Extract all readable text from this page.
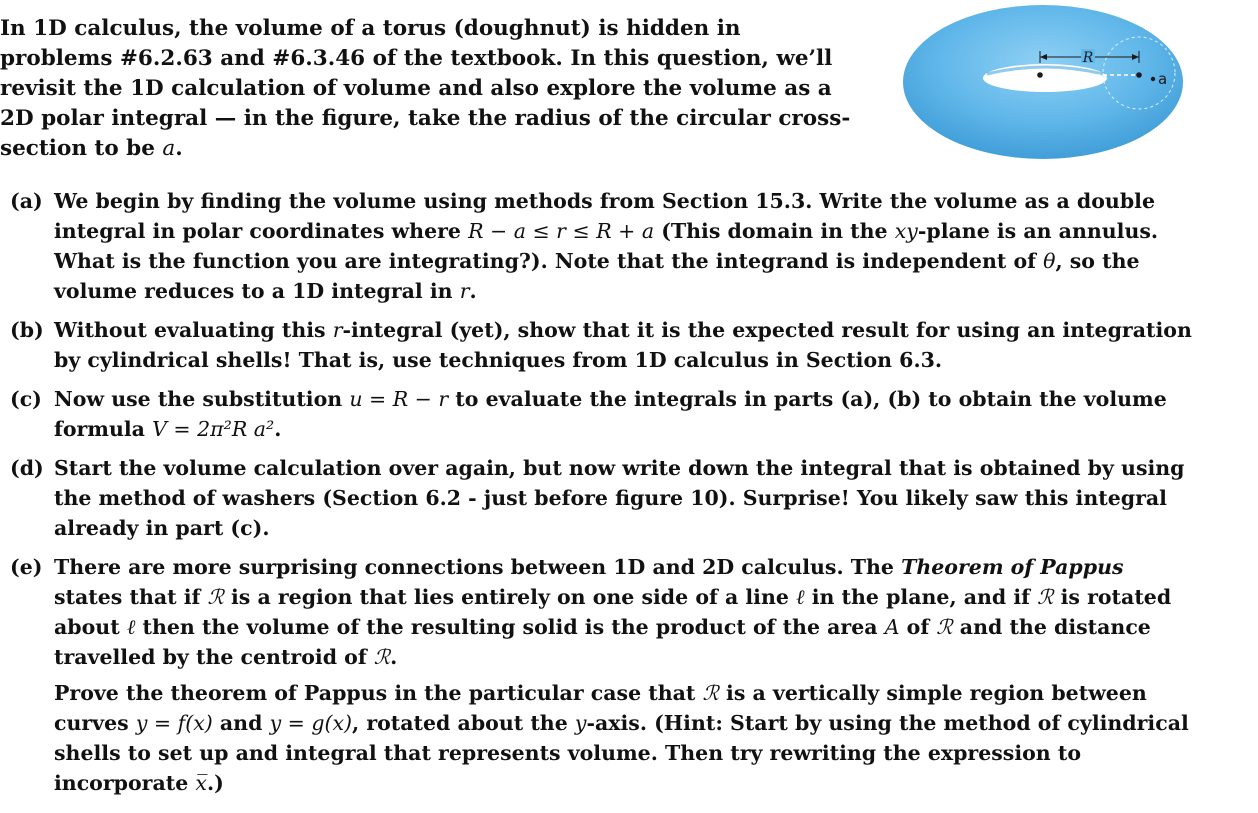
In 1D calculus, the volume of a torus (doughnut) is hidden in problems #6.2.63 and #6.3.46 of the textbook. In this question, we’ll revisit the 1D calculation of volume and also explore the volume as a 2D polar integral — in the figure, take the radius of the circular cross-section to be a.
R
a
(a) We begin by finding the volume using methods from Section 15.3. Write the volume as a double integral in polar coordinates where R − a ≤ r ≤ R + a (This domain in the xy-plane is an annulus. What is the function you are integrating?). Note that the integrand is independent of θ, so the volume reduces to a 1D integral in r.
(b) Without evaluating this r-integral (yet), show that it is the expected result for using an integration by cylindrical shells! That is, use techniques from 1D calculus in Section 6.3.
(c) Now use the substitution u = R − r to evaluate the integrals in parts (a), (b) to obtain the volume formula V = 2π²R a².
(d) Start the volume calculation over again, but now write down the integral that is obtained by using the method of washers (Section 6.2 - just before figure 10). Surprise! You likely saw this integral already in part (c).
(e) There are more surprising connections between 1D and 2D calculus. The Theorem of Pappus states that if ℛ is a region that lies entirely on one side of a line ℓ in the plane, and if ℛ is rotated about ℓ then the volume of the resulting solid is the product of the area A of ℛ and the distance travelled by the centroid of ℛ.

Prove the theorem of Pappus in the particular case that ℛ is a vertically simple region between curves y = f(x) and y = g(x), rotated about the y-axis. (Hint: Start by using the method of cylindrical shells to set up and integral that represents volume. Then try rewriting the expression to incorporate x̅.)
